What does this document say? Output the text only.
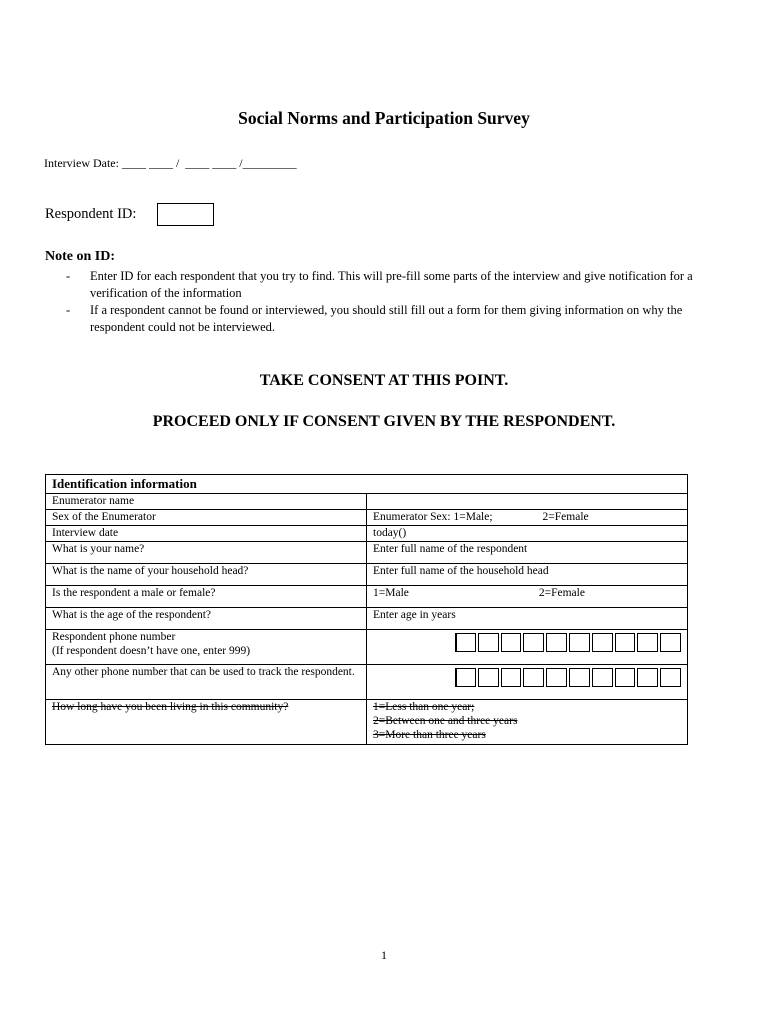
Social Norms and Participation Survey
Interview Date: ____ ____ /  ____ ____ /_________
Respondent ID:
Note on ID:
- Enter ID for each respondent that you try to find. This will pre-fill some parts of the interview and give notification for a verification of the information
- If a respondent cannot be found or interviewed, you should still fill out a form for them giving information on why the respondent could not be interviewed.
TAKE CONSENT AT THIS POINT.
PROCEED ONLY IF CONSENT GIVEN BY THE RESPONDENT.
Identification information	
Enumerator name	
Sex of the Enumerator	Enumerator Sex: 1=Male; 2=Female
Interview date	today()
What is your name?	Enter full name of the respondent
What is the name of your household head?	Enter full name of the household head
Is the respondent a male or female?	1=Male 2=Female
What is the age of the respondent?	Enter age in years

Respondent phone number
(If respondent doesn’t have one, enter 999)	

Any other phone number that can be used to track the respondent.	

How long have you been living in this community?	1=Less than one year;
2=Between one and three years
3=More than three years
1
